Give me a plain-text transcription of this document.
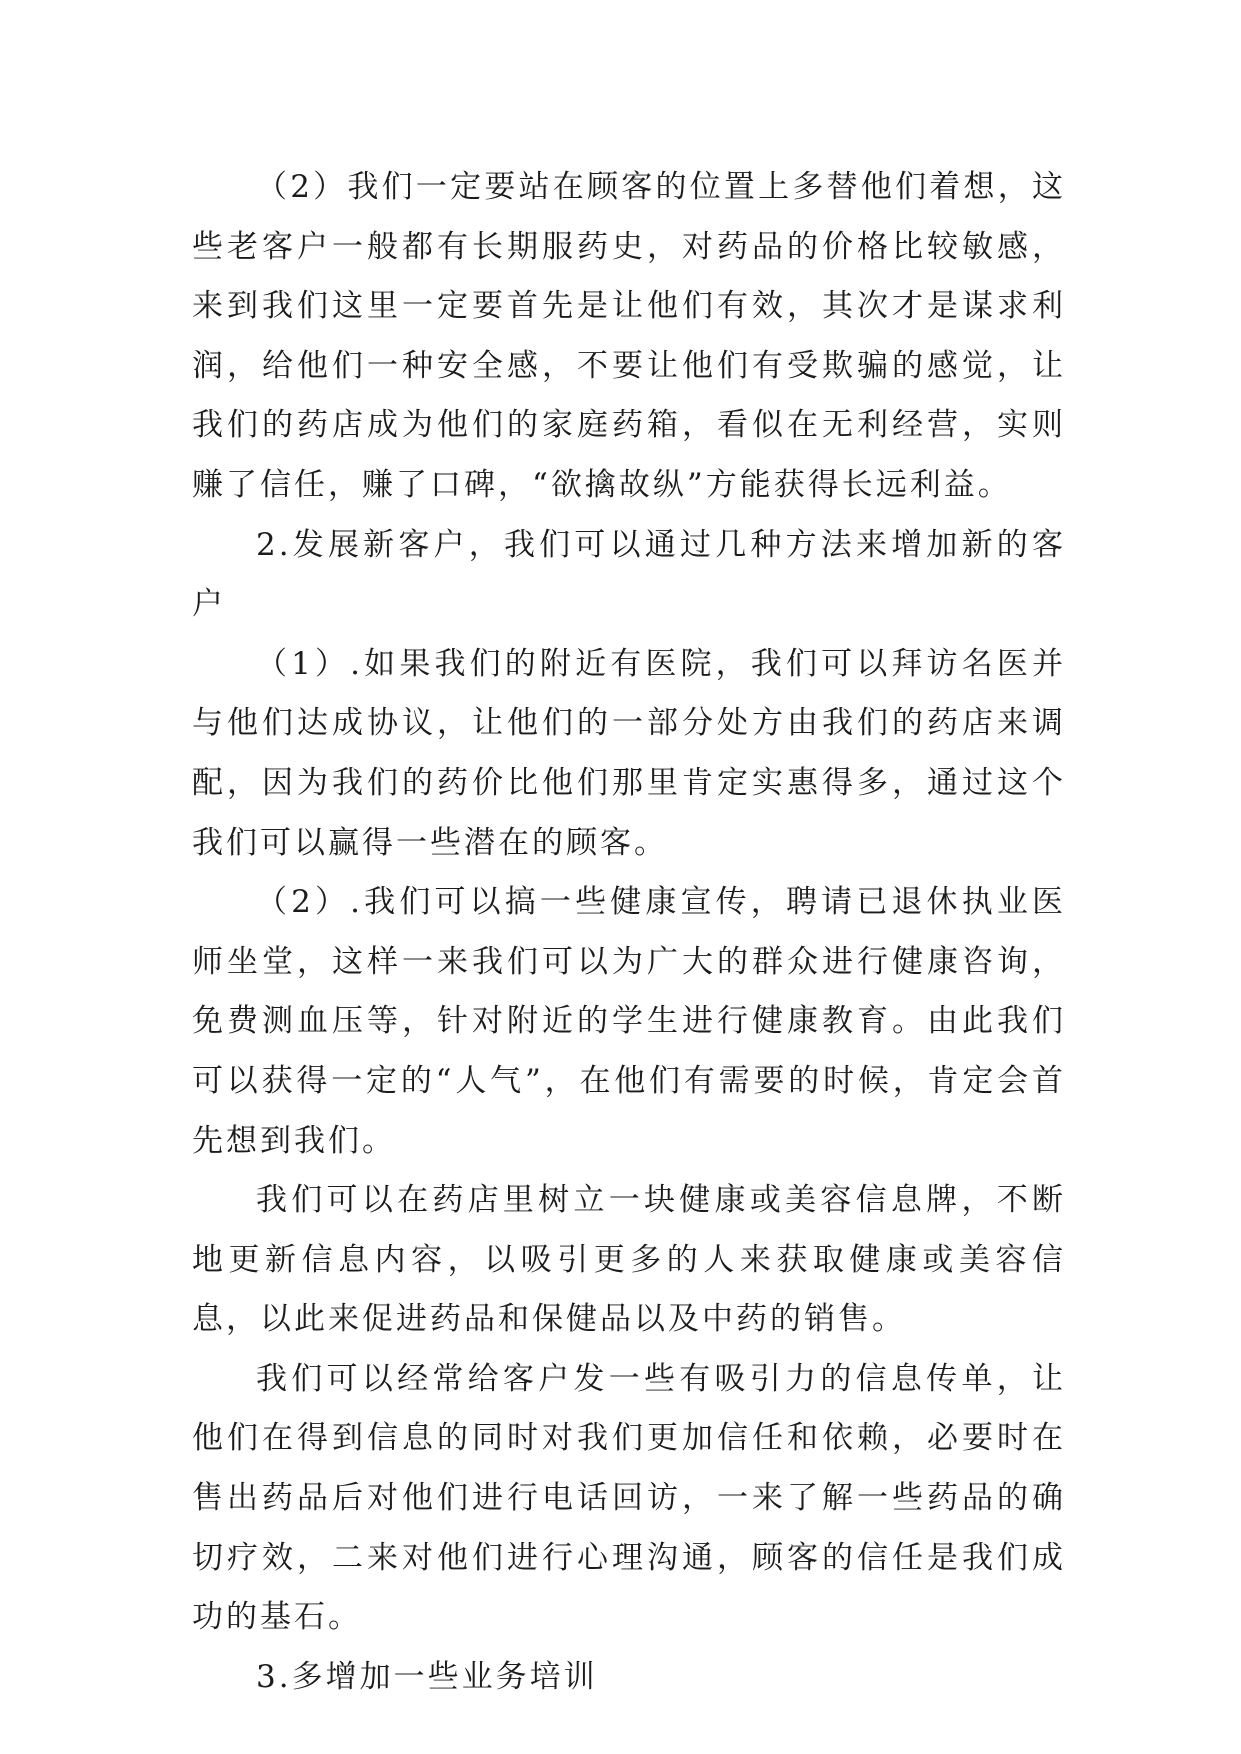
（2）我们一定要站在顾客的位置上多替他们着想，这些老客户一般都有长期服药史，对药品的价格比较敏感，来到我们这里一定要首先是让他们有效，其次才是谋求利润，给他们一种安全感，不要让他们有受欺骗的感觉，让我们的药店成为他们的家庭药箱，看似在无利经营，实则赚了信任，赚了口碑，“欲擒故纵”方能获得长远利益。

2.发展新客户，我们可以通过几种方法来增加新的客户

（1）.如果我们的附近有医院，我们可以拜访名医并与他们达成协议，让他们的一部分处方由我们的药店来调配，因为我们的药价比他们那里肯定实惠得多，通过这个我们可以赢得一些潜在的顾客。

（2）.我们可以搞一些健康宣传，聘请已退休执业医师坐堂，这样一来我们可以为广大的群众进行健康咨询，免费测血压等，针对附近的学生进行健康教育。由此我们可以获得一定的“人气”，在他们有需要的时候，肯定会首先想到我们。

我们可以在药店里树立一块健康或美容信息牌，不断地更新信息内容，以吸引更多的人来获取健康或美容信息，以此来促进药品和保健品以及中药的销售。

我们可以经常给客户发一些有吸引力的信息传单，让他们在得到信息的同时对我们更加信任和依赖，必要时在售出药品后对他们进行电话回访，一来了解一些药品的确切疗效，二来对他们进行心理沟通，顾客的信任是我们成功的基石。

3.多增加一些业务培训
